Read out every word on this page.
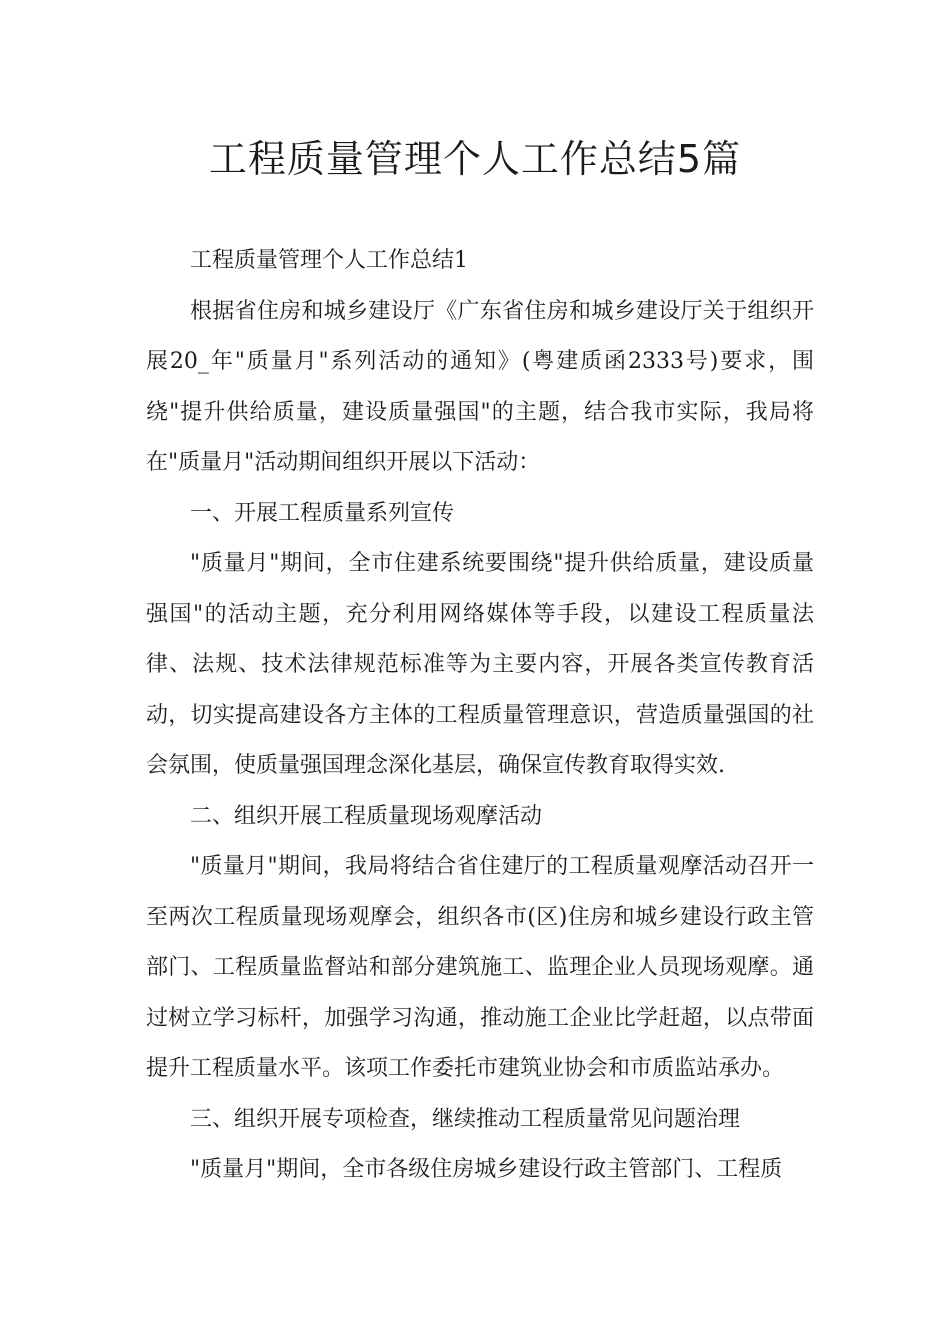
工程质量管理个人工作总结5篇

工程质量管理个人工作总结1

根据省住房和城乡建设厅《广东省住房和城乡建设厅关于组织开展20_年"质量月"系列活动的通知》(粤建质函2333号)要求，围绕"提升供给质量，建设质量强国"的主题，结合我市实际，我局将在"质量月"活动期间组织开展以下活动：

一、开展工程质量系列宣传

"质量月"期间，全市住建系统要围绕"提升供给质量，建设质量强国"的活动主题，充分利用网络媒体等手段，以建设工程质量法律、法规、技术法律规范标准等为主要内容，开展各类宣传教育活动，切实提高建设各方主体的工程质量管理意识，营造质量强国的社会氛围，使质量强国理念深化基层，确保宣传教育取得实效.

二、组织开展工程质量现场观摩活动

"质量月"期间，我局将结合省住建厅的工程质量观摩活动召开一至两次工程质量现场观摩会，组织各市(区)住房和城乡建设行政主管部门、工程质量监督站和部分建筑施工、监理企业人员现场观摩。通过树立学习标杆，加强学习沟通，推动施工企业比学赶超，以点带面提升工程质量水平。该项工作委托市建筑业协会和市质监站承办。

三、组织开展专项检查，继续推动工程质量常见问题治理

"质量月"期间，全市各级住房城乡建设行政主管部门、工程质
